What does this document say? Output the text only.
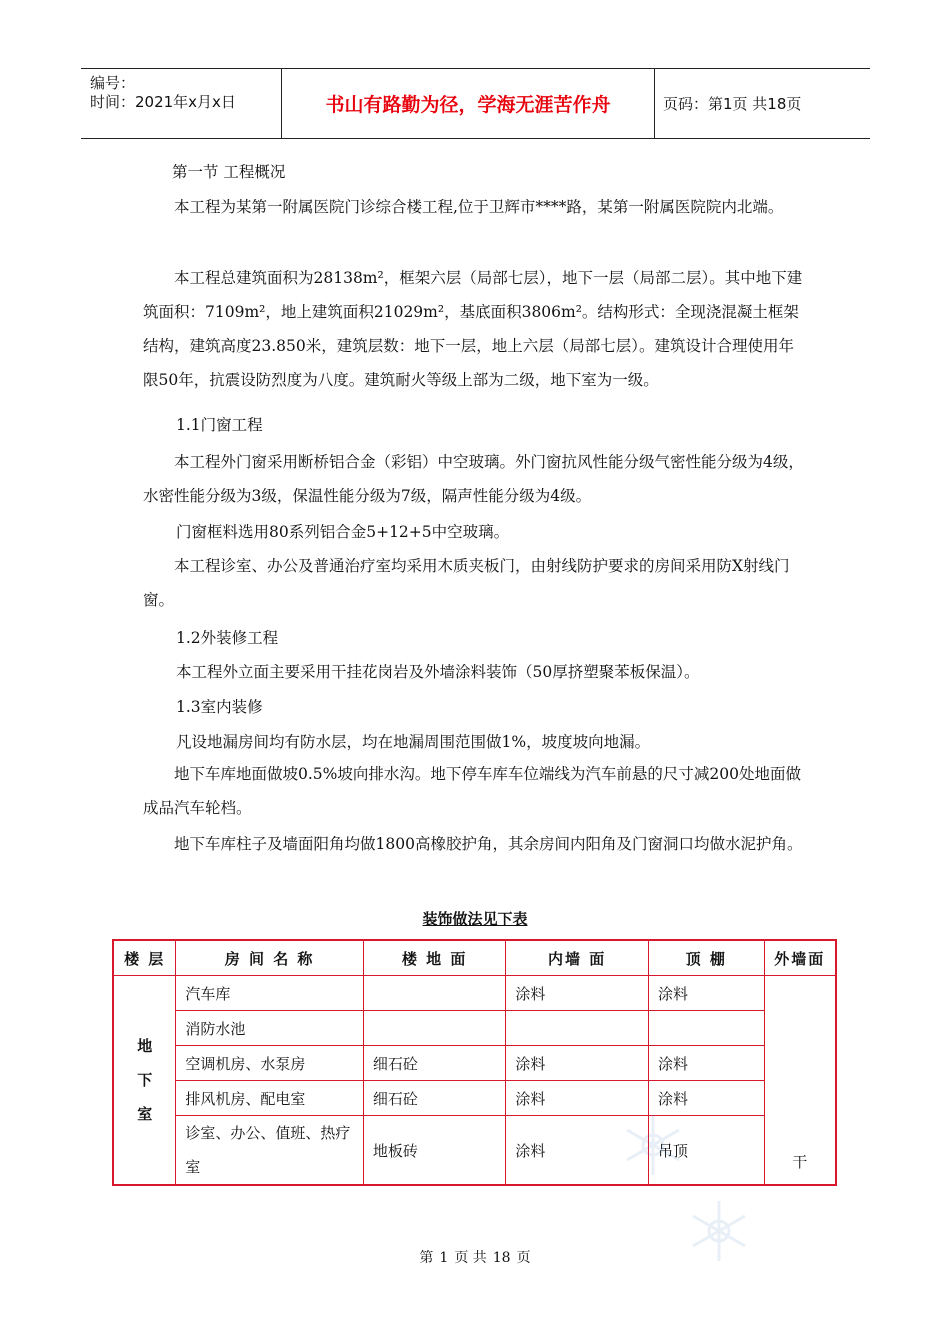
编号：
时间：2021年x月x日	书山有路勤为径，学海无涯苦作舟	页码：第1页 共18页
第一节 工程概况
本工程为某第一附属医院门诊综合楼工程,位于卫辉市****路，某第一附属医院院内北端。
本工程总建筑面积为28138m²，框架六层（局部七层），地下一层（局部二层）。其中地下建筑面积：7109m²，地上建筑面积21029m²，基底面积3806m²。结构形式：全现浇混凝土框架结构，建筑高度23.850米，建筑层数：地下一层，地上六层（局部七层）。建筑设计合理使用年限50年，抗震设防烈度为八度。建筑耐火等级上部为二级，地下室为一级。
1.1门窗工程
本工程外门窗采用断桥铝合金（彩铝）中空玻璃。外门窗抗风性能分级气密性能分级为4级，水密性能分级为3级，保温性能分级为7级，隔声性能分级为4级。
门窗框料选用80系列铝合金5+12+5中空玻璃。
本工程诊室、办公及普通治疗室均采用木质夹板门，由射线防护要求的房间采用防X射线门窗。
1.2外装修工程
本工程外立面主要采用干挂花岗岩及外墙涂料装饰（50厚挤塑聚苯板保温）。
1.3室内装修
凡设地漏房间均有防水层，均在地漏周围范围做1%，坡度坡向地漏。
地下车库地面做坡0.5%坡向排水沟。地下停车库车位端线为汽车前悬的尺寸减200处地面做成品汽车轮档。
地下车库柱子及墙面阳角均做1800高橡胶护角，其余房间内阳角及门窗洞口均做水泥护角。
装饰做法见下表
楼 层	房 间 名 称	楼 地 面	内墙 面	顶 棚	外墙面

地
下
室	汽车库		涂料	涂料	干
	消防水池				
	空调机房、水泵房	细石砼	涂料	涂料	
	排风机房、配电室	细石砼	涂料	涂料	
	诊室、办公、值班、热疗室	地板砖	涂料	吊顶	
第 1 页 共 18 页
